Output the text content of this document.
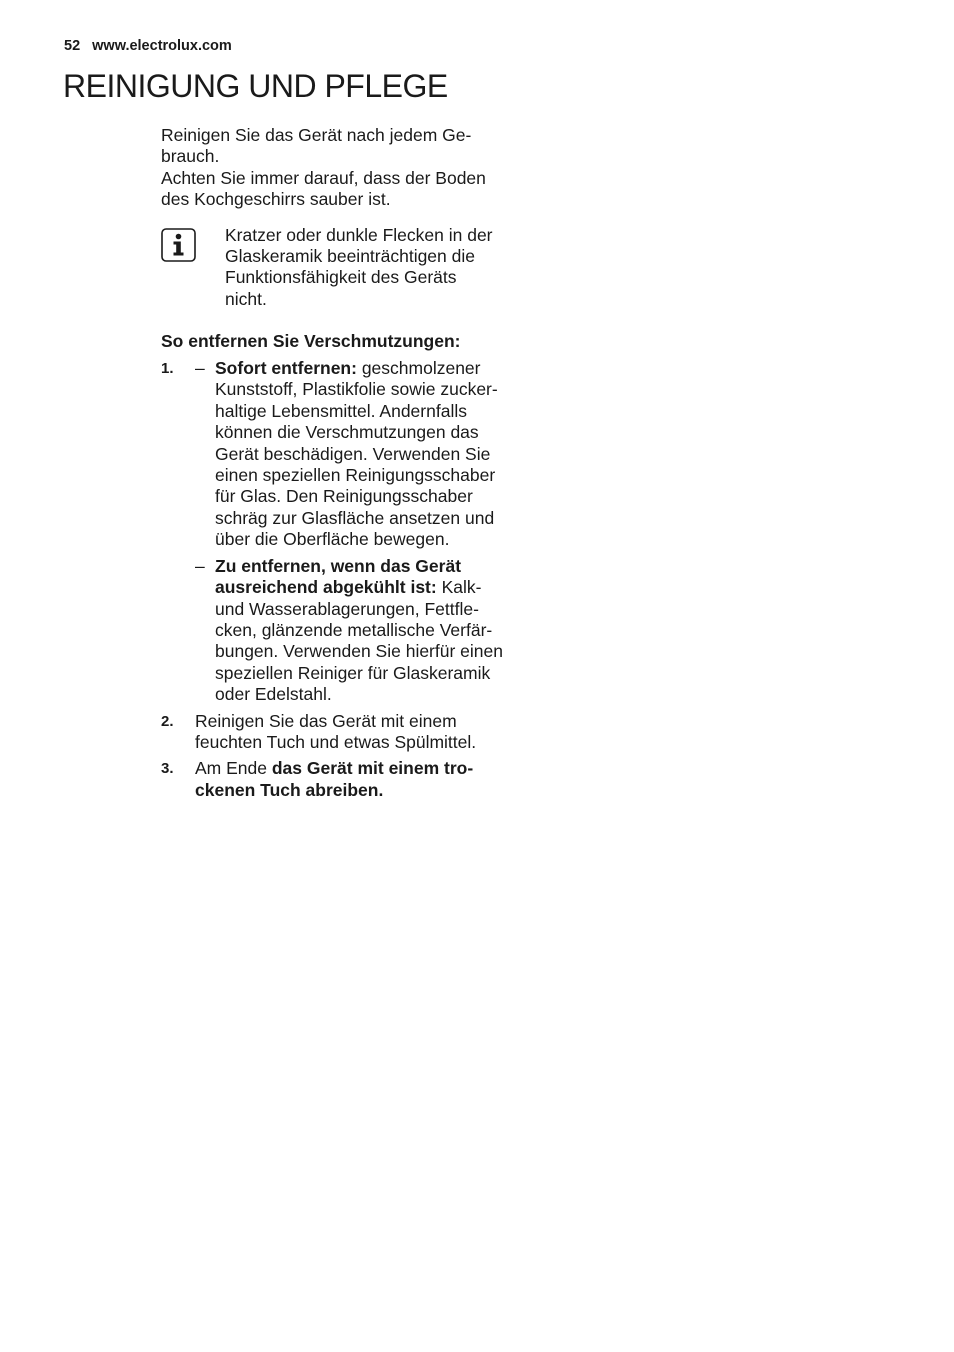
52 www.electrolux.com
REINIGUNG UND PFLEGE

Reinigen Sie das Gerät nach jedem Ge-
brauch.
Achten Sie immer darauf, dass der Boden
des Kochgeschirrs sauber ist.

Kratzer oder dunkle Flecken in der
Glaskeramik beeinträchtigen die
Funktionsfähigkeit des Geräts
nicht.

So entfernen Sie Verschmutzungen:

1. – Sofort entfernen: geschmolzener
Kunststoff, Plastikfolie sowie zucker-
haltige Lebensmittel. Andernfalls
können die Verschmutzungen das
Gerät beschädigen. Verwenden Sie
einen speziellen Reinigungsschaber
für Glas. Den Reinigungsschaber
schräg zur Glasfläche ansetzen und
über die Oberfläche bewegen.
– Zu entfernen, wenn das Gerät
ausreichend abgekühlt ist: Kalk-
und Wasserablagerungen, Fettfle-
cken, glänzende metallische Verfär-
bungen. Verwenden Sie hierfür einen
speziellen Reiniger für Glaskeramik
oder Edelstahl.
2. Reinigen Sie das Gerät mit einem
feuchten Tuch und etwas Spülmittel.
3. Am Ende das Gerät mit einem tro-
ckenen Tuch abreiben.
